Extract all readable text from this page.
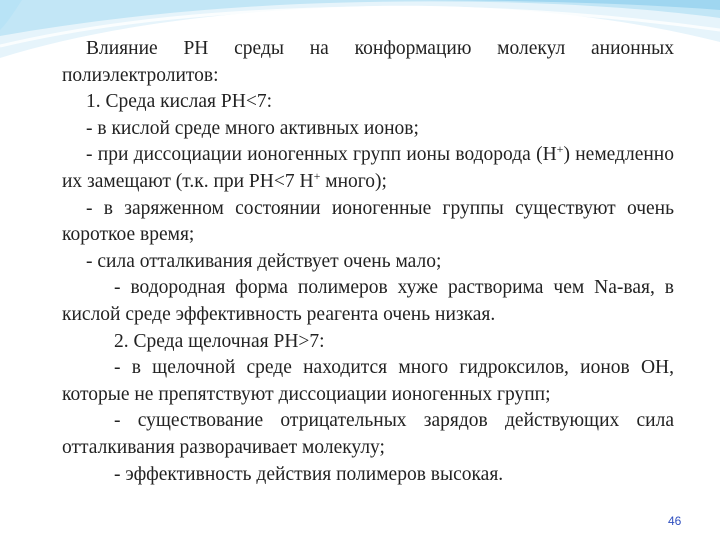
Влияние РН среды на конформацию молекул анионных полиэлектролитов:

1. Среда кислая РН<7:

- в кислой среде много активных ионов;

- при диссоциации ионогенных групп ионы водорода (Н+) немедленно их замещают (т.к. при РН<7 Н+ много);

- в заряженном состоянии ионогенные группы существуют очень короткое время;

- сила отталкивания действует очень мало;

- водородная форма полимеров хуже растворима чем Nа-вая, в кислой среде эффективность реагента очень низкая.

2. Среда щелочная РН>7:

- в щелочной среде находится много гидроксилов, ионов ОН, которые не препятствуют диссоциации ионогенных групп;

- существование отрицательных зарядов действующих сила отталкивания разворачивает молекулу;

- эффективность действия полимеров высокая.

46
